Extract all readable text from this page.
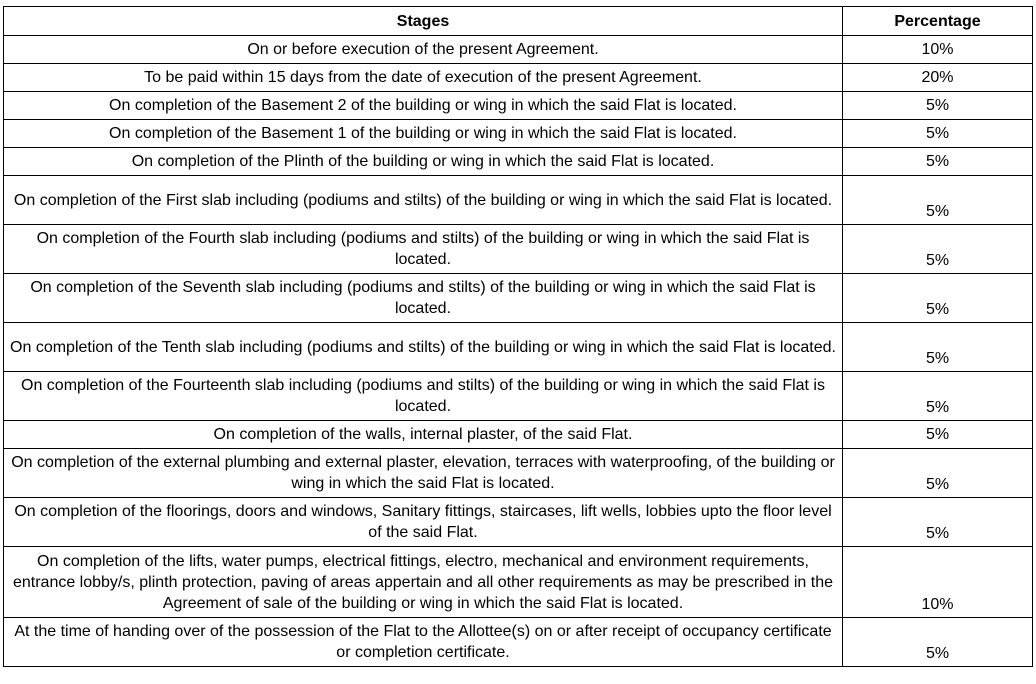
Stages	Percentage
On or before execution of the present Agreement.	10%
To be paid within 15 days from the date of execution of the present Agreement.	20%
On completion of the Basement 2 of the building or wing in which the said Flat is located.	5%
On completion of the Basement 1 of the building or wing in which the said Flat is located.	5%
On completion of the Plinth of the building or wing in which the said Flat is located.	5%
On completion of the First slab including (podiums and stilts) of the building or wing in which the said Flat is located.	5%
On completion of the Fourth slab including (podiums and stilts) of the building or wing in which the said Flat is located.	5%
On completion of the Seventh slab including (podiums and stilts) of the building or wing in which the said Flat is located.	5%
On completion of the Tenth slab including (podiums and stilts) of the building or wing in which the said Flat is located.	5%
On completion of the Fourteenth slab including (podiums and stilts) of the building or wing in which the said Flat is located.	5%
On completion of the walls, internal plaster, of the said Flat.	5%
On completion of the external plumbing and external plaster, elevation, terraces with waterproofing, of the building or wing in which the said Flat is located.	5%
On completion of the floorings, doors and windows, Sanitary fittings, staircases, lift wells, lobbies upto the floor level of the said Flat.	5%
On completion of the lifts, water pumps, electrical fittings, electro, mechanical and environment requirements, entrance lobby/s, plinth protection, paving of areas appertain and all other requirements as may be prescribed in the Agreement of sale of the building or wing in which the said Flat is located.	10%
At the time of handing over of the possession of the Flat to the Allottee(s) on or after receipt of occupancy certificate or completion certificate.	5%
